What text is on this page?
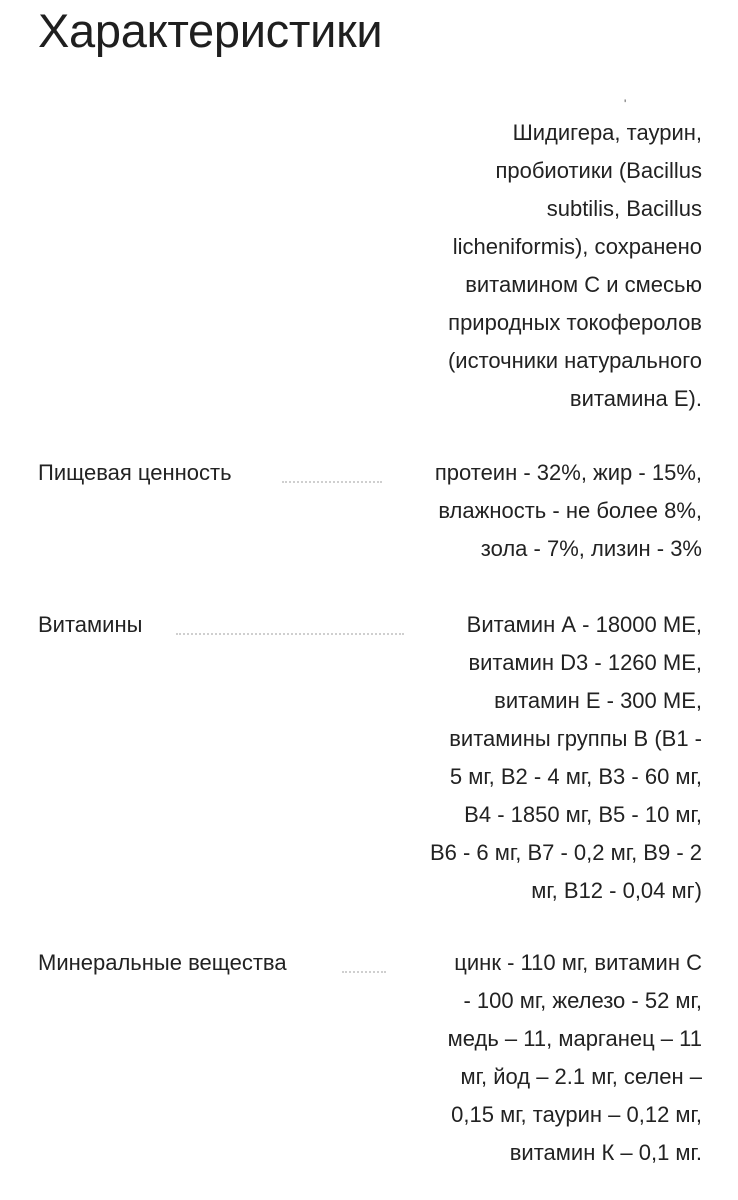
Характеристики
'

Шидигера, таурин,
пробиотики (Bacillus
subtilis, Bacillus
licheniformis), сохранено
витамином С и смесью
природных токоферолов
(источники натурального
витамина Е).

Пищевая ценность	протеин - 32%, жир - 15%,
влажность - не более 8%,
зола - 7%, лизин - 3%

Витамины	Витамин А - 18000 МЕ,
витамин D3 - 1260 МЕ,
витамин Е - 300 МЕ,
витамины группы В (В1 -
5 мг, В2 - 4 мг, В3 - 60 мг,
В4 - 1850 мг, В5 - 10 мг,
В6 - 6 мг, В7 - 0,2 мг, В9 - 2
мг, В12 - 0,04 мг)

Минеральные вещества	цинк - 110 мг, витамин С
- 100 мг, железо - 52 мг,
медь – 11, марганец – 11
мг, йод – 2.1 мг, селен –
0,15 мг, таурин – 0,12 мг,
витамин К – 0,1 мг.
